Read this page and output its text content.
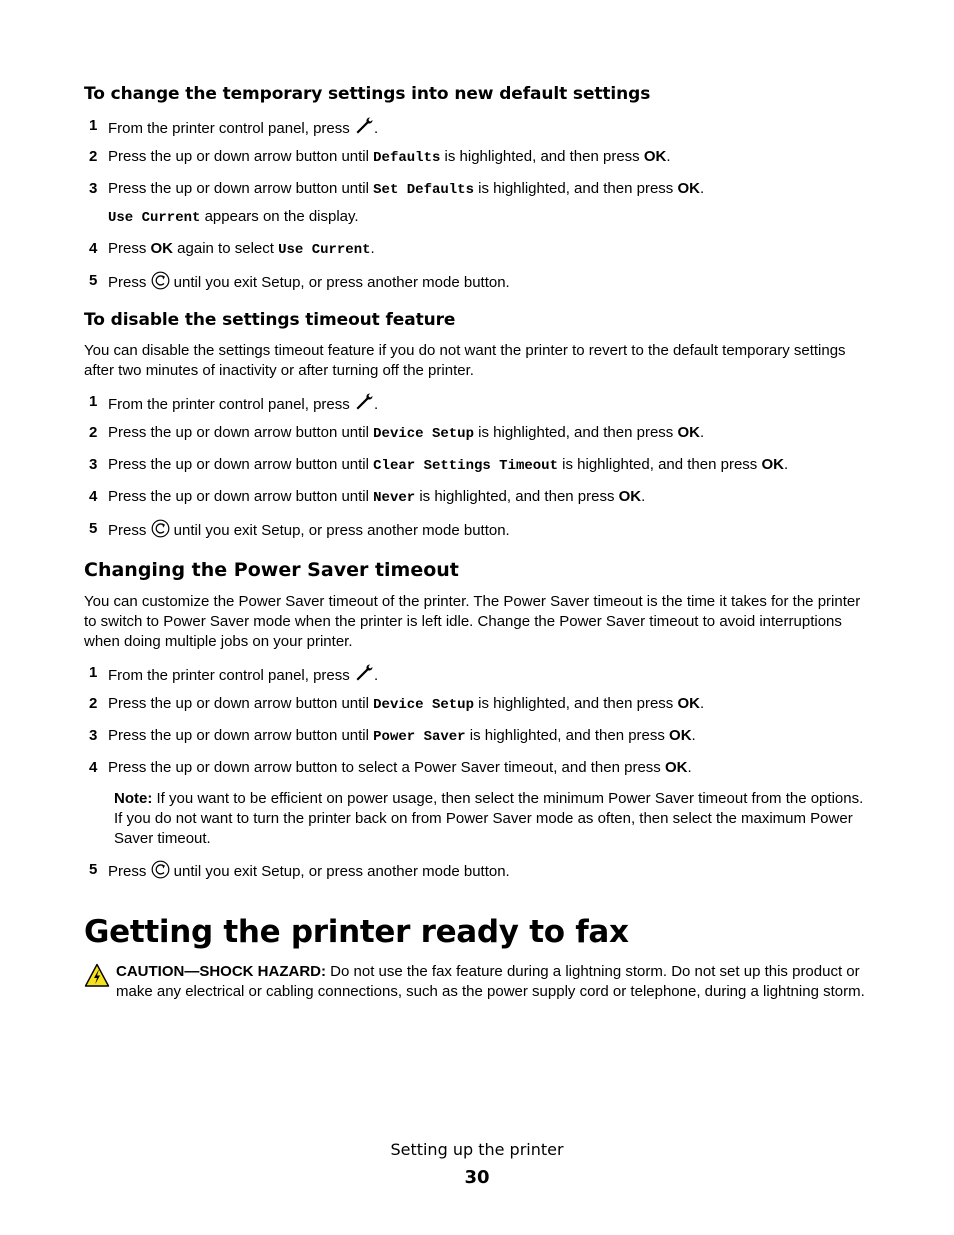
To change the temporary settings into new default settings
1 From the printer control panel, press .
2 Press the up or down arrow button until Defaults is highlighted, and then press OK.
3 Press the up or down arrow button until Set Defaults is highlighted, and then press OK.
Use Current appears on the display.
4 Press OK again to select Use Current.
5 Press  until you exit Setup, or press another mode button.
To disable the settings timeout feature
You can disable the settings timeout feature if you do not want the printer to revert to the default temporary settings after two minutes of inactivity or after turning off the printer.
1 From the printer control panel, press .
2 Press the up or down arrow button until Device Setup is highlighted, and then press OK.
3 Press the up or down arrow button until Clear Settings Timeout is highlighted, and then press OK.
4 Press the up or down arrow button until Never is highlighted, and then press OK.
5 Press  until you exit Setup, or press another mode button.
Changing the Power Saver timeout
You can customize the Power Saver timeout of the printer. The Power Saver timeout is the time it takes for the printer to switch to Power Saver mode when the printer is left idle. Change the Power Saver timeout to avoid interruptions when doing multiple jobs on your printer.
1 From the printer control panel, press .
2 Press the up or down arrow button until Device Setup is highlighted, and then press OK.
3 Press the up or down arrow button until Power Saver is highlighted, and then press OK.
4 Press the up or down arrow button to select a Power Saver timeout, and then press OK.
Note: If you want to be efficient on power usage, then select the minimum Power Saver timeout from the options. If you do not want to turn the printer back on from Power Saver mode as often, then select the maximum Power Saver timeout.
5 Press  until you exit Setup, or press another mode button.
Getting the printer ready to fax
CAUTION—SHOCK HAZARD: Do not use the fax feature during a lightning storm. Do not set up this product or make any electrical or cabling connections, such as the power supply cord or telephone, during a lightning storm.
Setting up the printer
30
